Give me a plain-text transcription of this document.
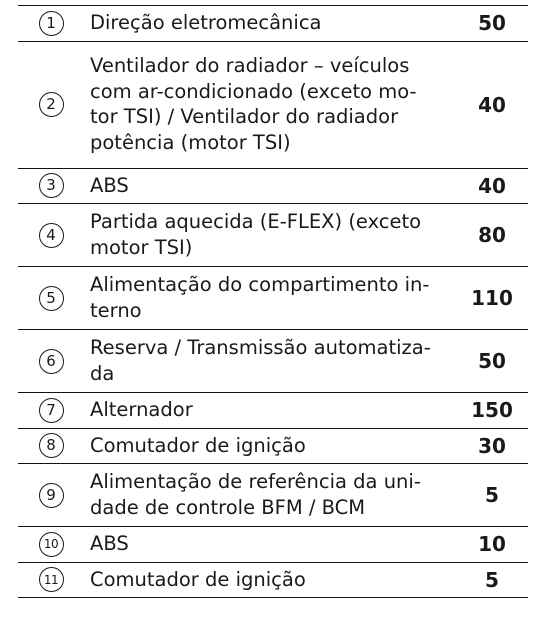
1	Direção eletromecânica	50

2	Ventilador do radiador – veículos
com ar-condicionado (exceto mo-
tor TSI) / Ventilador do radiador
potência (motor TSI)	40

3	ABS	40

4	Partida aquecida (E-FLEX) (exceto
motor TSI)	80

5	Alimentação do compartimento in-
terno	110

6	Reserva / Transmissão automatiza-
da	50

7	Alternador	150

8	Comutador de ignição	30

9	Alimentação de referência da uni-
dade de controle BFM / BCM	5

10	ABS	10

11	Comutador de ignição	5
